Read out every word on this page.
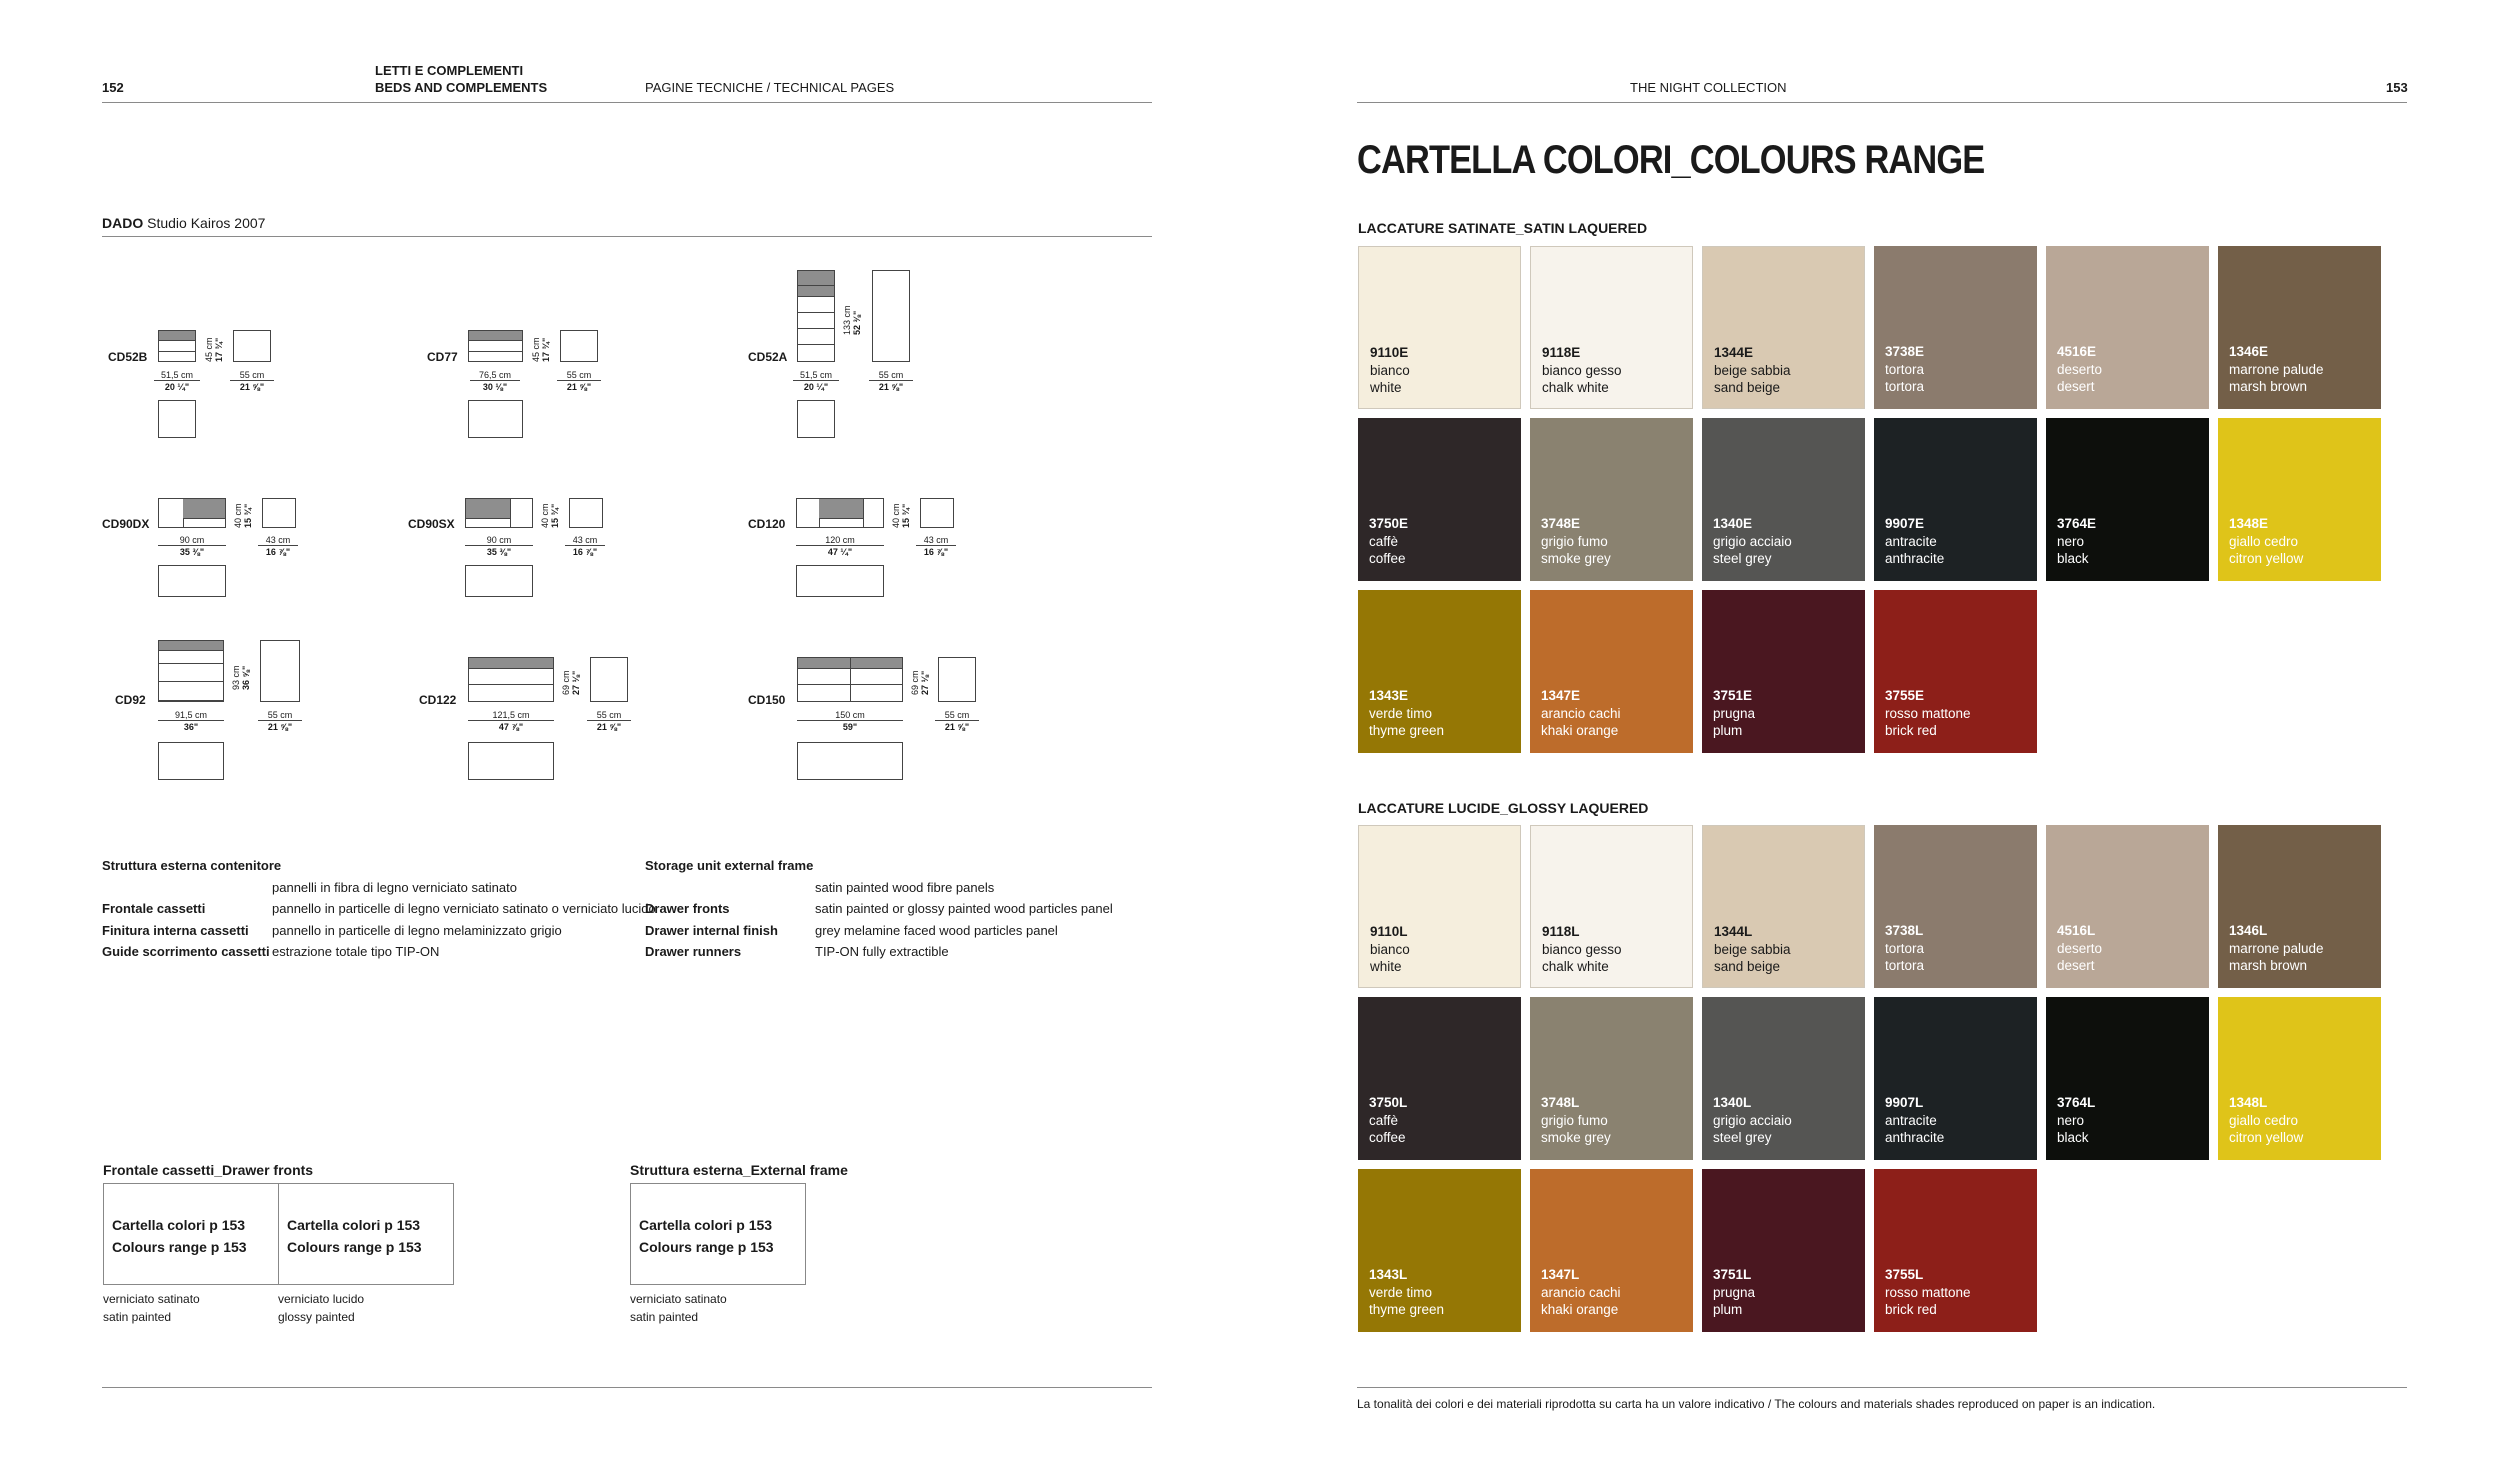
152
LETTI E COMPLEMENTI
BEDS AND COMPLEMENTS	PAGINE TECNICHE / TECHNICAL PAGES	THE NIGHT COLLECTION	153
DADO Studio Kairos 2007
CD52B	45 cm
17 ¾"
51,5 cm
20 ¼"
55 cm
21 ⅝"
CD77	45 cm
17 ¾"
76,5 cm
30 ⅛"
55 cm
21 ⅝"
CD52A
133 cm
52 ⅜"
51,5 cm
20 ¼"
55 cm
21 ⅝"
CD90DX	40 cm
15 ¾"
90 cm
35 ⅜"
43 cm
16 ⅞"
CD90SX	40 cm
15 ¾"
90 cm
35 ⅜"
43 cm
16 ⅞"
CD120	40 cm
15 ¾"
120 cm
47 ¼"
43 cm
16 ⅞"
CD92
93 cm
36 ⅝"
91,5 cm
36"
55 cm
21 ⅝"
CD122
69 cm
27 ⅛"
121,5 cm
47 ⅞"
55 cm
21 ⅝"
CD150
69 cm
27 ⅛"
150 cm
59"
55 cm
21 ⅝"
Struttura esterna contenitore
pannelli in fibra di legno verniciato satinato
Frontale cassetti	pannello in particelle di legno verniciato satinato o verniciato lucido
Finitura interna cassetti	pannello in particelle di legno melaminizzato grigio
Guide scorrimento cassetti estrazione totale tipo TIP-ON
Storage unit external frame
satin painted wood fibre panels
Drawer fronts	satin painted or glossy painted wood particles panel
Drawer internal finish	grey melamine faced wood particles panel
Drawer runners	TIP-ON fully extractible
Frontale cassetti_Drawer fronts
Cartella colori p 153
Colours range p 153
Cartella colori p 153
Colours range p 153
verniciato satinato
satin painted
verniciato lucido
glossy painted
Struttura esterna_External frame
Cartella colori p 153
Colours range p 153
verniciato satinato
satin painted
CARTELLA COLORI_COLOURS RANGE
LACCATURE SATINATE_SATIN LAQUERED
9110E
bianco
white
9118E
bianco gesso
chalk white
1344E
beige sabbia
sand beige
3738E
tortora
tortora
4516E
deserto
desert
1346E
marrone palude
marsh brown
3750E
caffè
coffee
3748E
grigio fumo
smoke grey
1340E
grigio acciaio
steel grey
9907E
antracite
anthracite
3764E
nero
black
1348E
giallo cedro
citron yellow
1343E
verde timo
thyme green
1347E
arancio cachi
khaki orange
3751E
prugna
plum
3755E
rosso mattone
brick red
LACCATURE LUCIDE_GLOSSY LAQUERED
9110L
bianco
white
9118L
bianco gesso
chalk white
1344L
beige sabbia
sand beige
3738L
tortora
tortora
4516L
deserto
desert
1346L
marrone palude
marsh brown
3750L
caffè
coffee
3748L
grigio fumo
smoke grey
1340L
grigio acciaio
steel grey
9907L
antracite
anthracite
3764L
nero
black
1348L
giallo cedro
citron yellow
1343L
verde timo
thyme green
1347L
arancio cachi
khaki orange
3751L
prugna
plum
3755L
rosso mattone
brick red
La tonalità dei colori e dei materiali riprodotta su carta ha un valore indicativo / The colours and materials shades reproduced on paper is an indication.
